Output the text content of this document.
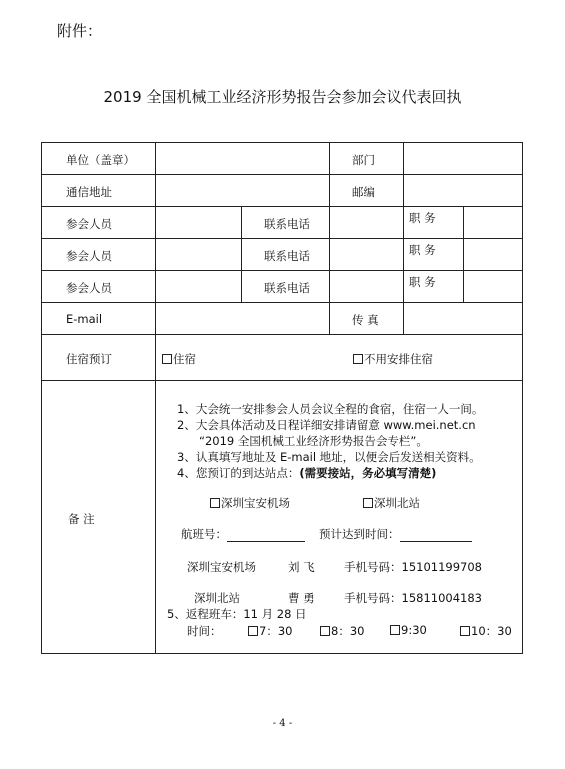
附件：
2019 全国机械工业经济形势报告会参加会议代表回执
单位（盖章）	部门
通信地址	邮编
参会人员	联系电话	职 务
参会人员	联系电话	职 务
参会人员	联系电话	职 务
E-mail	传 真
住宿预订	住宿	不用安排住宿
备 注
1、大会统一安排参会人员会议全程的食宿，住宿一人一间。
2、大会具体活动及日程详细安排请留意 www.mei.net.cn
“2019 全国机械工业经济形势报告会专栏”。
3、认真填写地址及 E-mail 地址，以便会后发送相关资料。
4、您预订的到达站点：(需要接站，务必填写清楚)
深圳宝安机场	深圳北站
航班号：	预计达到时间：
深圳宝安机场	刘 飞	手机号码：15101199708
深圳北站	曹 勇	手机号码：15811004183
5、返程班车：11 月 28 日
时间：	7：30	8：30	9:30	10：30
- 4 -
